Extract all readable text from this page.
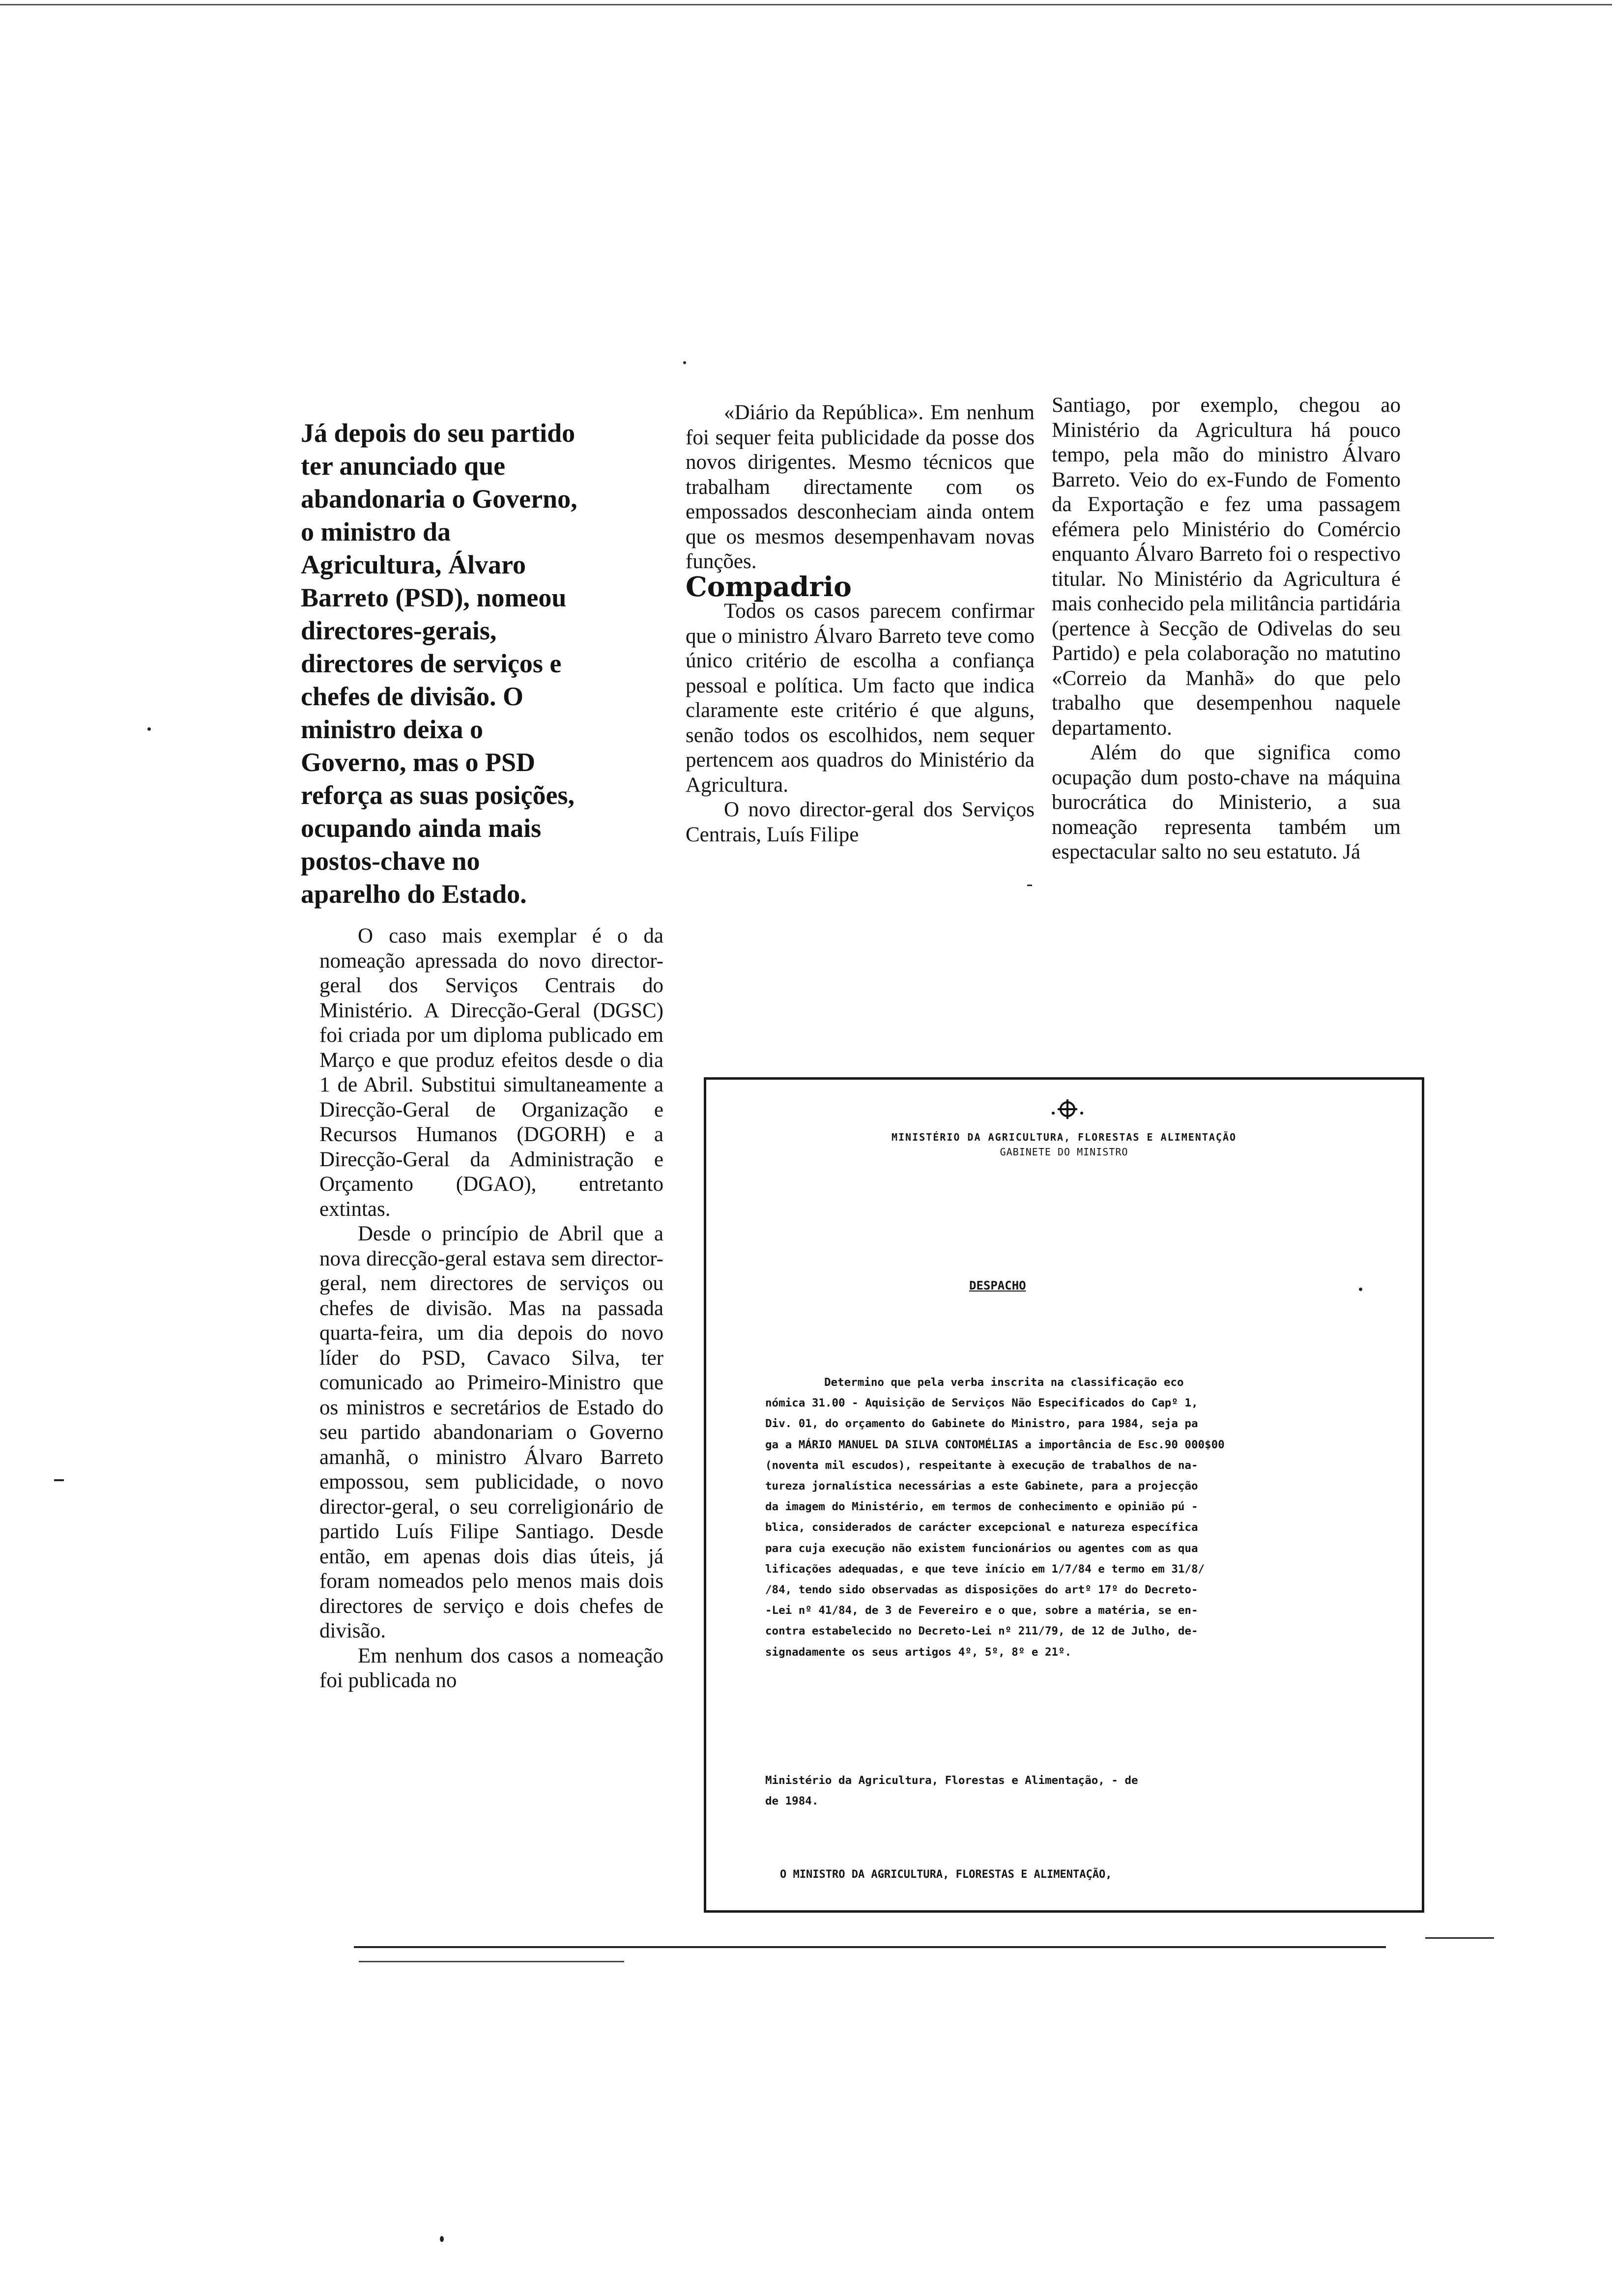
Já depois do seu partido
ter anunciado que
abandonaria o Governo,
o ministro da
Agricultura, Álvaro
Barreto (PSD), nomeou
directores-gerais,
directores de serviços e
chefes de divisão. O
ministro deixa o
Governo, mas o PSD
reforça as suas posições,
ocupando ainda mais
postos-chave no
aparelho do Estado.

O caso mais exemplar é o da nomeação apressada do novo director-geral dos Serviços Centrais do Ministério. A Direcção-Geral (DGSC) foi criada por um diploma publicado em Março e que produz efeitos desde o dia 1 de Abril. Substitui simultaneamente a Direcção-Geral de Organização e Recursos Humanos (DGORH) e a Direcção-Geral da Administração e Orçamento (DGAO), entretanto extintas.

Desde o princípio de Abril que a nova direcção-geral estava sem director-geral, nem directores de serviços ou chefes de divisão. Mas na passada quarta-feira, um dia depois do novo líder do PSD, Cavaco Silva, ter comunicado ao Primeiro-Ministro que os ministros e secretários de Estado do seu partido abandonariam o Governo amanhã, o ministro Álvaro Barreto empossou, sem publicidade, o novo director-geral, o seu correligionário de partido Luís Filipe Santiago. Desde então, em apenas dois dias úteis, já foram nomeados pelo menos mais dois directores de serviço e dois chefes de divisão.

Em nenhum dos casos a nomeação foi publicada no

«Diário da República». Em nenhum foi sequer feita publicidade da posse dos novos dirigentes. Mesmo técnicos que trabalham directamente com os empossados desconheciam ainda ontem que os mesmos desempenhavam novas funções.

Compadrio

Todos os casos parecem confirmar que o ministro Álvaro Barreto teve como único critério de escolha a confiança pessoal e política. Um facto que indica claramente este critério é que alguns, senão todos os escolhidos, nem sequer pertencem aos quadros do Ministério da Agricultura.

O novo director-geral dos Serviços Centrais, Luís Filipe

Santiago, por exemplo, chegou ao Ministério da Agricultura há pouco tempo, pela mão do ministro Álvaro Barreto. Veio do ex-Fundo de Fomento da Exportação e fez uma passagem efémera pelo Ministério do Comércio enquanto Álvaro Barreto foi o respectivo titular. No Ministério da Agricultura é mais conhecido pela militância partidária (pertence à Secção de Odivelas do seu Partido) e pela colaboração no matutino «Correio da Manhã» do que pelo trabalho que desempenhou naquele departamento.

Além do que significa como ocupação dum posto-chave na máquina burocrática do Ministerio, a sua nomeação representa também um espectacular salto no seu estatuto. Já

MINISTÉRIO DA AGRICULTURA, FLORESTAS E ALIMENTAÇÃO
GABINETE DO MINISTRO
DESPACHO
Determino que pela verba inscrita na classificação eco
nómica 31.00 - Aquisição de Serviços Não Especificados do Capº 1,
Div. 01, do orçamento do Gabinete do Ministro, para 1984, seja pa
ga a MÁRIO MANUEL DA SILVA CONTOMÉLIAS a importância de Esc.90 000$00
(noventa mil escudos), respeitante à execução de trabalhos de na-
tureza jornalística necessárias a este Gabinete, para a projecção
da imagem do Ministério, em termos de conhecimento e opinião pú -
blica, considerados de carácter excepcional e natureza específica
para cuja execução não existem funcionários ou agentes com as qua
lificações adequadas, e que teve início em 1/7/84 e termo em 31/8/
/84, tendo sido observadas as disposições do artº 17º do Decreto-
-Lei nº 41/84, de 3 de Fevereiro e o que, sobre a matéria, se en-
contra estabelecido no Decreto-Lei nº 211/79, de 12 de Julho, de-
signadamente os seus artigos 4º, 5º, 8º e 21º.
Ministério da Agricultura, Florestas e Alimentação, - de
de 1984.
O MINISTRO DA AGRICULTURA, FLORESTAS E ALIMENTAÇÃO,
